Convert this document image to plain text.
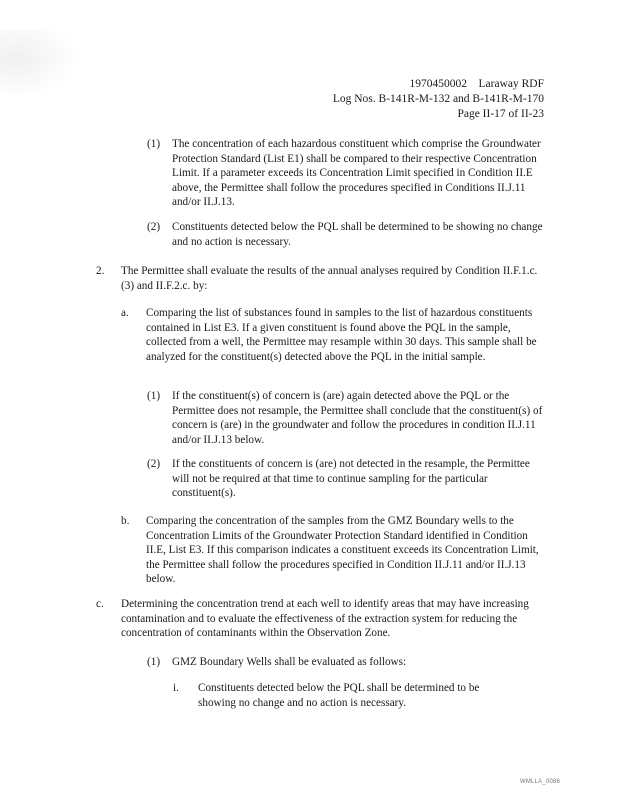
1970450002    Laraway RDF
Log Nos. B-141R-M-132 and B-141R-M-170
Page II-17 of II-23
(1) The concentration of each hazardous constituent which comprise the Groundwater Protection Standard (List E1) shall be compared to their respective Concentration Limit. If a parameter exceeds its Concentration Limit specified in Condition II.E above, the Permittee shall follow the procedures specified in Conditions II.J.11 and/or II.J.13.

(2) Constituents detected below the PQL shall be determined to be showing no change and no action is necessary.

2. The Permittee shall evaluate the results of the annual analyses required by Condition II.F.1.c.(3) and II.F.2.c. by:

a. Comparing the list of substances found in samples to the list of hazardous constituents contained in List E3. If a given constituent is found above the PQL in the sample, collected from a well, the Permittee may resample within 30 days. This sample shall be analyzed for the constituent(s) detected above the PQL in the initial sample.

(1) If the constituent(s) of concern is (are) again detected above the PQL or the Permittee does not resample, the Permittee shall conclude that the constituent(s) of concern is (are) in the groundwater and follow the procedures in condition II.J.11 and/or II.J.13 below.

(2) If the constituents of concern is (are) not detected in the resample, the Permittee will not be required at that time to continue sampling for the particular constituent(s).

b. Comparing the concentration of the samples from the GMZ Boundary wells to the Concentration Limits of the Groundwater Protection Standard identified in Condition II.E, List E3. If this comparison indicates a constituent exceeds its Concentration Limit, the Permittee shall follow the procedures specified in Condition II.J.11 and/or II.J.13 below.

c. Determining the concentration trend at each well to identify areas that may have increasing contamination and to evaluate the effectiveness of the extraction system for reducing the concentration of contaminants within the Observation Zone.

(1) GMZ Boundary Wells shall be evaluated as follows:

i. Constituents detected below the PQL shall be determined to be showing no change and no action is necessary.

WMLLA_0086
